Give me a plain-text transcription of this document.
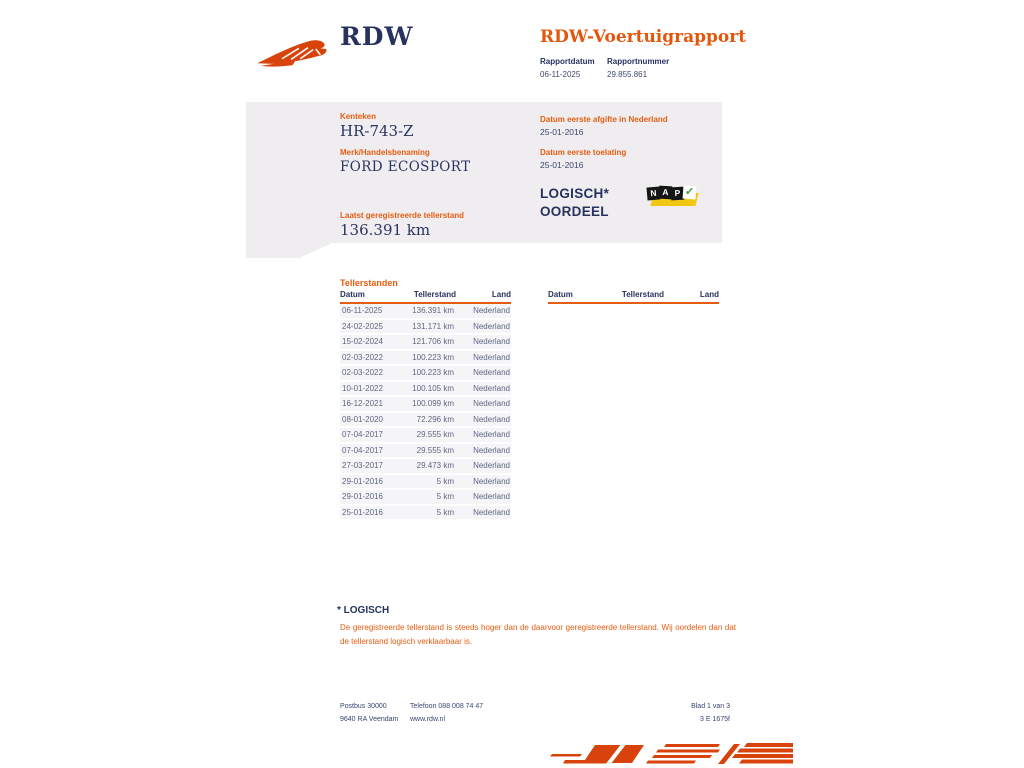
RDW	RDW-Voertuigrapport
Rapportdatum
06-11-2025
Rapportnummer
29.855.861
Kenteken
HR-743-Z
Merk/Handelsbenaming
FORD ECOSPORT
Laatst geregistreerde tellerstand
136.391 km
Datum eerste afgifte in Nederland
25-01-2016
Datum eerste toelating
25-01-2016
LOGISCH*
OORDEEL
N A P ✓
Tellerstanden
Datum	Tellerstand	Land
06-11-2025	136.391 km	Nederland
24-02-2025	131.171 km	Nederland
15-02-2024	121.706 km	Nederland
02-03-2022	100.223 km	Nederland
02-03-2022	100.223 km	Nederland
10-01-2022	100.105 km	Nederland
16-12-2021	100.099 km	Nederland
08-01-2020	72.296 km	Nederland
07-04-2017	29.555 km	Nederland
07-04-2017	29.555 km	Nederland
27-03-2017	29.473 km	Nederland
29-01-2016	5 km	Nederland
29-01-2016	5 km	Nederland
25-01-2016	5 km	Nederland
Datum	Tellerstand	Land
* LOGISCH
De geregistreerde tellerstand is steeds hoger dan de daarvoor geregistreerde tellerstand. Wij oordelen dan dat de tellerstand logisch verklaarbaar is.
Postbus 30000
9640 RA Veendam
Telefoon 088 008 74 47
www.rdw.nl
Blad 1 van 3
3 E 1675f
